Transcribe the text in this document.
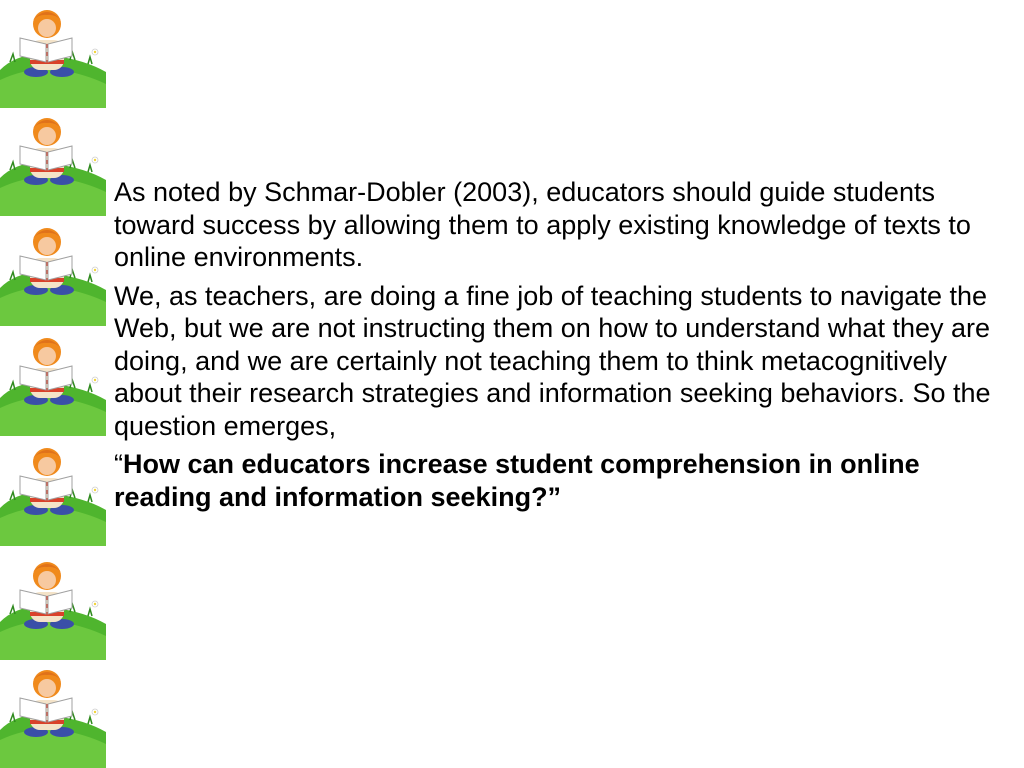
As noted by Schmar-Dobler (2003), educators should guide students toward success by allowing them to apply existing knowledge of texts to online environments.

We, as teachers, are doing a fine job of teaching students to navigate the Web, but we are not instructing them on how to understand what they are doing, and we are certainly not teaching them to think metacognitively about their research strategies and information seeking behaviors. So the question emerges,

“How can educators increase student comprehension in online reading and information seeking?”
